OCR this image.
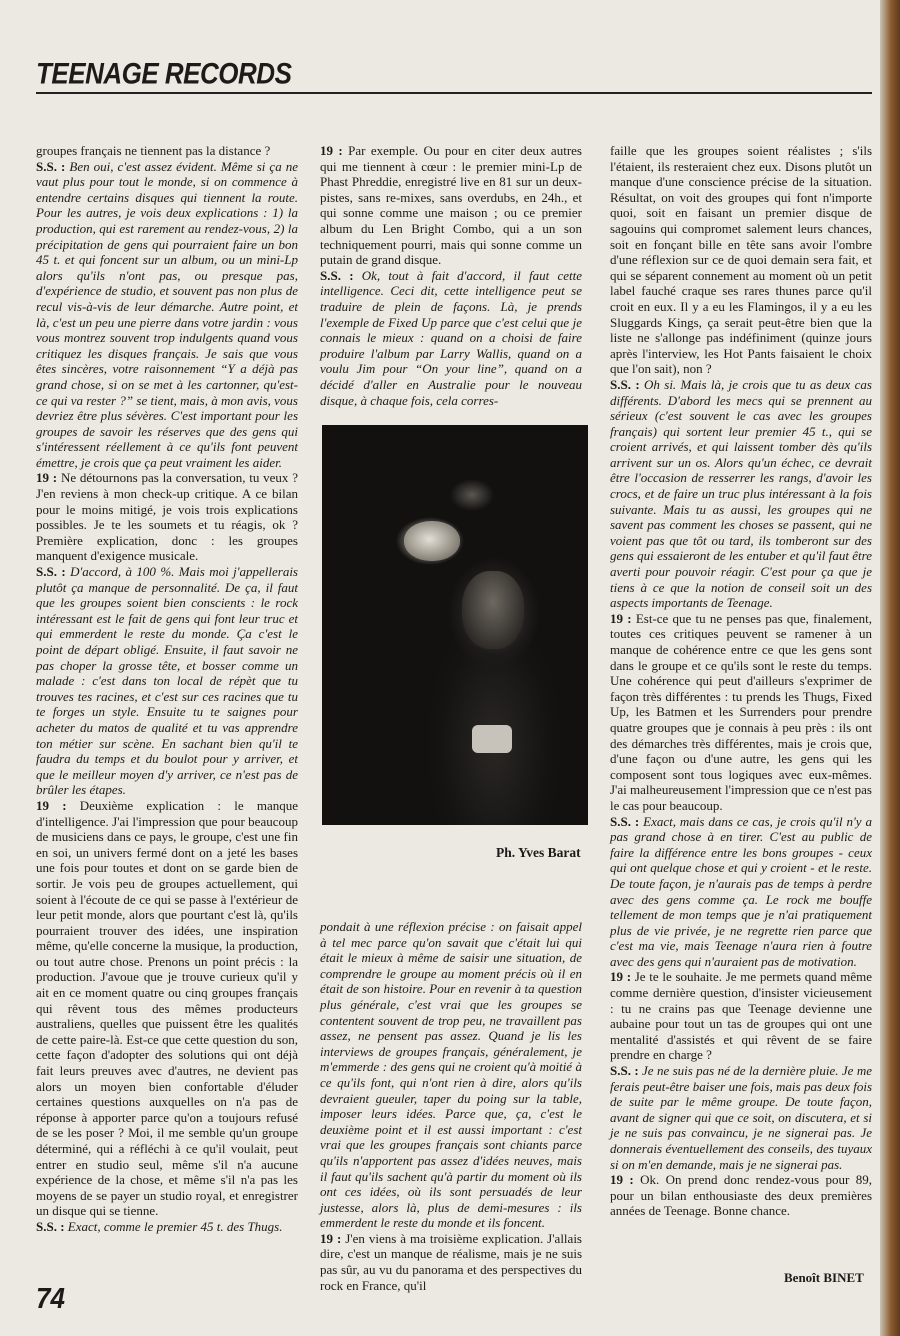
TEENAGE RECORDS

groupes français ne tiennent pas la distance ?

S.S. : Ben oui, c'est assez évident. Même si ça ne vaut plus pour tout le monde, si on commence à entendre certains disques qui tiennent la route. Pour les autres, je vois deux explications : 1) la production, qui est rarement au rendez-vous, 2) la précipitation de gens qui pourraient faire un bon 45 t. et qui foncent sur un album, ou un mini-Lp alors qu'ils n'ont pas, ou presque pas, d'expérience de studio, et souvent pas non plus de recul vis-à-vis de leur démarche. Autre point, et là, c'est un peu une pierre dans votre jardin : vous vous montrez souvent trop indulgents quand vous critiquez les disques français. Je sais que vous êtes sincères, votre raisonnement “Y a déjà pas grand chose, si on se met à les cartonner, qu'est-ce qui va rester ?” se tient, mais, à mon avis, vous devriez être plus sévères. C'est important pour les groupes de savoir les réserves que des gens qui s'intéressent réellement à ce qu'ils font peuvent émettre, je crois que ça peut vraiment les aider.

19 : Ne détournons pas la conversation, tu veux ? J'en reviens à mon check-up critique. A ce bilan pour le moins mitigé, je vois trois explications possibles. Je te les soumets et tu réagis, ok ? Première explication, donc : les groupes manquent d'exigence musicale.

S.S. : D'accord, à 100 %. Mais moi j'appellerais plutôt ça manque de personnalité. De ça, il faut que les groupes soient bien conscients : le rock intéressant est le fait de gens qui font leur truc et qui emmerdent le reste du monde. Ça c'est le point de départ obligé. Ensuite, il faut savoir ne pas choper la grosse tête, et bosser comme un malade : c'est dans ton local de répèt que tu trouves tes racines, et c'est sur ces racines que tu te forges un style. Ensuite tu te saignes pour acheter du matos de qualité et tu vas apprendre ton métier sur scène. En sachant bien qu'il te faudra du temps et du boulot pour y arriver, et que le meilleur moyen d'y arriver, ce n'est pas de brûler les étapes.

19 : Deuxième explication : le manque d'intelligence. J'ai l'impression que pour beaucoup de musiciens dans ce pays, le groupe, c'est une fin en soi, un univers fermé dont on a jeté les bases une fois pour toutes et dont on se garde bien de sortir. Je vois peu de groupes actuellement, qui soient à l'écoute de ce qui se passe à l'extérieur de leur petit monde, alors que pourtant c'est là, qu'ils pourraient trouver des idées, une inspiration même, qu'elle concerne la musique, la production, ou tout autre chose. Prenons un point précis : la production. J'avoue que je trouve curieux qu'il y ait en ce moment quatre ou cinq groupes français qui rêvent tous des mêmes producteurs australiens, quelles que puissent être les qualités de cette paire-là. Est-ce que cette question du son, cette façon d'adopter des solutions qui ont déjà fait leurs preuves avec d'autres, ne devient pas alors un moyen bien confortable d'éluder certaines questions auxquelles on n'a pas de réponse à apporter parce qu'on a toujours refusé de se les poser ? Moi, il me semble qu'un groupe déterminé, qui a réfléchi à ce qu'il voulait, peut entrer en studio seul, même s'il n'a aucune expérience de la chose, et même s'il n'a pas les moyens de se payer un studio royal, et enregistrer un disque qui se tienne.

S.S. : Exact, comme le premier 45 t. des Thugs.

19 : Par exemple. Ou pour en citer deux autres qui me tiennent à cœur : le premier mini-Lp de Phast Phreddie, enregistré live en 81 sur un deux-pistes, sans re-mixes, sans overdubs, en 24h., et qui sonne comme une maison ; ou ce premier album du Len Bright Combo, qui a un son techniquement pourri, mais qui sonne comme un putain de grand disque.

S.S. : Ok, tout à fait d'accord, il faut cette intelligence. Ceci dit, cette intelligence peut se traduire de plein de façons. Là, je prends l'exemple de Fixed Up parce que c'est celui que je connais le mieux : quand on a choisi de faire produire l'album par Larry Wallis, quand on a voulu Jim pour “On your line”, quand on a décidé d'aller en Australie pour le nouveau disque, à chaque fois, cela corres-

Ph. Yves Barat

pondait à une réflexion précise : on faisait appel à tel mec parce qu'on savait que c'était lui qui était le mieux à même de saisir une situation, de comprendre le groupe au moment précis où il en était de son histoire. Pour en revenir à ta question plus générale, c'est vrai que les groupes se contentent souvent de trop peu, ne travaillent pas assez, ne pensent pas assez. Quand je lis les interviews de groupes français, généralement, je m'emmerde : des gens qui ne croient qu'à moitié à ce qu'ils font, qui n'ont rien à dire, alors qu'ils devraient gueuler, taper du poing sur la table, imposer leurs idées. Parce que, ça, c'est le deuxième point et il est aussi important : c'est vrai que les groupes français sont chiants parce qu'ils n'apportent pas assez d'idées neuves, mais il faut qu'ils sachent qu'à partir du moment où ils ont ces idées, où ils sont persuadés de leur justesse, alors là, plus de demi-mesures : ils emmerdent le reste du monde et ils foncent.

19 : J'en viens à ma troisième explication. J'allais dire, c'est un manque de réalisme, mais je ne suis pas sûr, au vu du panorama et des perspectives du rock en France, qu'il

faille que les groupes soient réalistes ; s'ils l'étaient, ils resteraient chez eux. Disons plutôt un manque d'une conscience précise de la situation. Résultat, on voit des groupes qui font n'importe quoi, soit en faisant un premier disque de sagouins qui compromet salement leurs chances, soit en fonçant bille en tête sans avoir l'ombre d'une réflexion sur ce de quoi demain sera fait, et qui se séparent connement au moment où un petit label fauché craque ses rares thunes parce qu'il croit en eux. Il y a eu les Flamingos, il y a eu les Sluggards Kings, ça serait peut-être bien que la liste ne s'allonge pas indéfiniment (quinze jours après l'interview, les Hot Pants faisaient le choix que l'on sait), non ?

S.S. : Oh si. Mais là, je crois que tu as deux cas différents. D'abord les mecs qui se prennent au sérieux (c'est souvent le cas avec les groupes français) qui sortent leur premier 45 t., qui se croient arrivés, et qui laissent tomber dès qu'ils arrivent sur un os. Alors qu'un échec, ce devrait être l'occasion de resserrer les rangs, d'avoir les crocs, et de faire un truc plus intéressant à la fois suivante. Mais tu as aussi, les groupes qui ne savent pas comment les choses se passent, qui ne voient pas que tôt ou tard, ils tomberont sur des gens qui essaieront de les entuber et qu'il faut être averti pour pouvoir réagir. C'est pour ça que je tiens à ce que la notion de conseil soit un des aspects importants de Teenage.

19 : Est-ce que tu ne penses pas que, finalement, toutes ces critiques peuvent se ramener à un manque de cohérence entre ce que les gens sont dans le groupe et ce qu'ils sont le reste du temps. Une cohérence qui peut d'ailleurs s'exprimer de façon très différentes : tu prends les Thugs, Fixed Up, les Batmen et les Surrenders pour prendre quatre groupes que je connais à peu près : ils ont des démarches très différentes, mais je crois que, d'une façon ou d'une autre, les gens qui les composent sont tous logiques avec eux-mêmes. J'ai malheureusement l'impression que ce n'est pas le cas pour beaucoup.

S.S. : Exact, mais dans ce cas, je crois qu'il n'y a pas grand chose à en tirer. C'est au public de faire la différence entre les bons groupes - ceux qui ont quelque chose et qui y croient - et le reste. De toute façon, je n'aurais pas de temps à perdre avec des gens comme ça. Le rock me bouffe tellement de mon temps que je n'ai pratiquement plus de vie privée, je ne regrette rien parce que c'est ma vie, mais Teenage n'aura rien à foutre avec des gens qui n'auraient pas de motivation.

19 : Je te le souhaite. Je me permets quand même comme dernière question, d'insister vicieusement : tu ne crains pas que Teenage devienne une aubaine pour tout un tas de groupes qui ont une mentalité d'assistés et qui rêvent de se faire prendre en charge ?

S.S. : Je ne suis pas né de la dernière pluie. Je me ferais peut-être baiser une fois, mais pas deux fois de suite par le même groupe. De toute façon, avant de signer qui que ce soit, on discutera, et si je ne suis pas convaincu, je ne signerai pas. Je donnerais éventuellement des conseils, des tuyaux si on m'en demande, mais je ne signerai pas.

19 : Ok. On prend donc rendez-vous pour 89, pour un bilan enthousiaste des deux premières années de Teenage. Bonne chance.

Benoît BINET
74
